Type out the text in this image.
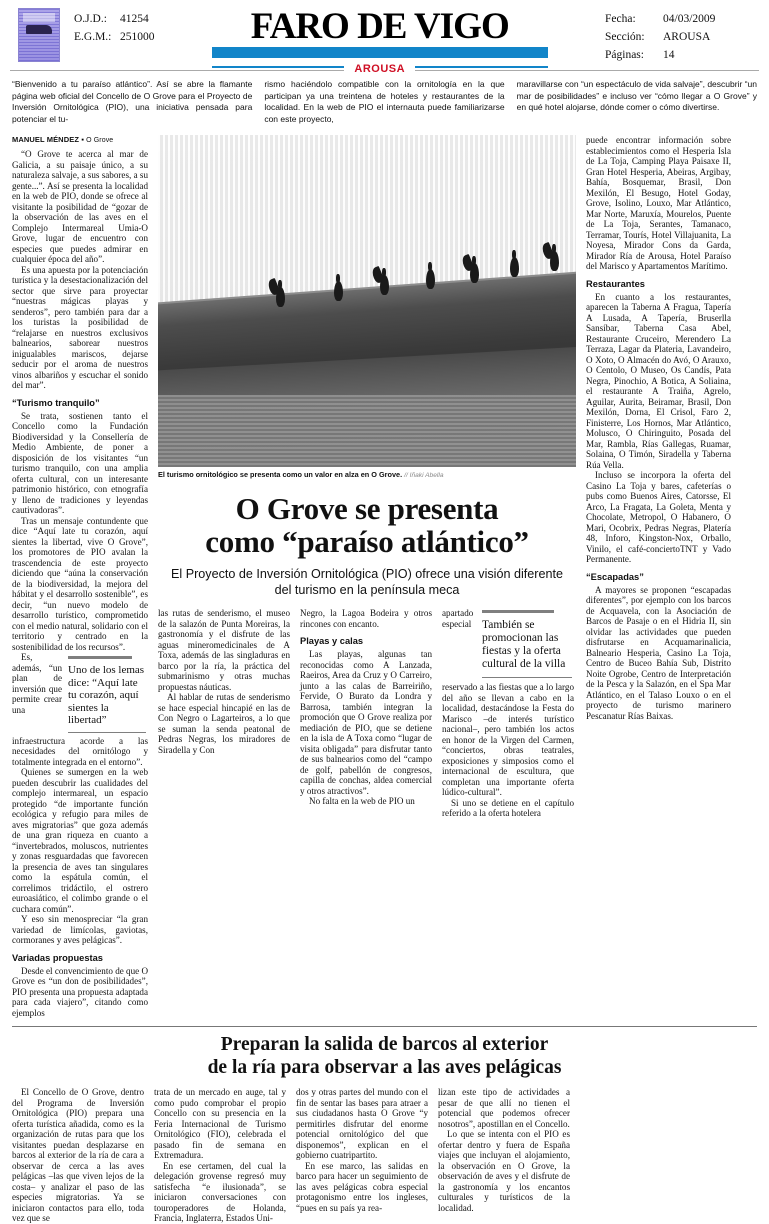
O.J.D.: 41254
E.G.M.: 251000	FARO DE VIGO
AROUSA
Fecha: 04/03/2009
Sección: AROUSA
Páginas: 14

“Bienvenido a tu paraíso atlántico”. Así se abre la flamante página web oficial del Concello de O Grove para el Proyecto de Inversión Ornitológica (PIO), una iniciativa pensada para potenciar el tu-

rismo haciéndolo compatible con la ornitología en la que participan ya una treintena de hoteles y restaurantes de la localidad. En la web de PIO el internauta puede familiarizarse con este proyecto,

maravillarse con “un espectáculo de vida salvaje”, descubrir “un mar de posibilidades” e incluso ver “cómo llegar a O Grove” y en qué hotel alojarse, dónde comer o cómo divertirse.

MANUEL MÉNDEZ ▪ O Grove

“O Grove te acerca al mar de Galicia, a su paisaje único, a su naturaleza salvaje, a sus sabores, a su gente...”. Así se presenta la localidad en la web de PIO, donde se ofrece al visitante la posibilidad de “gozar de la observación de las aves en el Complejo Intermareal Umia-O Grove, lugar de encuentro con especies que puedes admirar en cualquier época del año”.

Es una apuesta por la potenciación turística y la desestacionalización del sector que sirve para proyectar “nuestras mágicas playas y senderos”, pero también para dar a los turistas la posibilidad de “relajarse en nuestros exclusivos balnearios, saborear nuestros inigualables mariscos, dejarse seducir por el aroma de nuestros vinos albariños y escuchar el sonido del mar”.

“Turismo tranquilo”

Se trata, sostienen tanto el Concello como la Fundación Biodiversidad y la Consellería de Medio Ambiente, de poner a disposición de los visitantes “un turismo tranquilo, con una amplia oferta cultural, con un interesante patrimonio histórico, con etnografía y lleno de tradiciones y leyendas cautivadoras”.

Tras un mensaje contundente que dice “Aquí late tu corazón, aquí sientes la libertad, vive O Grove”, los promotores de PIO avalan la trascendencia de este proyecto diciendo que “aúna la conservación de la biodiversidad, la mejora del hábitat y el desarrollo sostenible”, es decir, “un nuevo modelo de desarrollo turístico, comprometido con el medio natural, solidario con el territorio y centrado en la sostenibilidad de los recursos”.

Uno de los lemas dice: “Aquí late tu corazón, aquí sientes la libertad”

Es, además, “un plan de inversión que permite crear una infraestructura acorde a las necesidades del ornitólogo y totalmente integrada en el entorno”.

Quienes se sumergen en la web pueden descubrir las cualidades del complejo intermareal, un espacio protegido “de importante función ecológica y refugio para miles de aves migratorias” que goza además de una gran riqueza en cuanto a “invertebrados, moluscos, nutrientes y zonas resguardadas que favorecen la presencia de aves tan singulares como la espátula común, el correlimos tridáctilo, el ostrero euroasiático, el colimbo grande o el cuchara común”.

Y eso sin menospreciar “la gran variedad de limícolas, gaviotas, cormoranes y aves pelágicas”.

Variadas propuestas

Desde el convencimiento de que O Grove es “un don de posibilidades”, PIO presenta una propuesta adaptada para cada viajero”, citando como ejemplos

El turismo ornitológico se presenta como un valor en alza en O Grove. // Iñaki Abella
O Grove se presenta
como “paraíso atlántico”
El Proyecto de Inversión Ornitológica (PIO) ofrece una visión diferente del turismo en la península meca

las rutas de senderismo, el museo de la salazón de Punta Moreiras, la gastronomía y el disfrute de las aguas mineromedicinales de A Toxa, además de las singladuras en barco por la ría, la práctica del submarinismo y otras muchas propuestas náuticas.

Al hablar de rutas de senderismo se hace especial hincapié en las de Con Negro o Lagarteiros, a lo que se suman la senda peatonal de Pedras Negras, los miradores de Siradella y Con

Negro, la Lagoa Bodeira y otros rincones con encanto.

Playas y calas

Las playas, algunas tan reconocidas como A Lanzada, Raeiros, Area da Cruz y O Carreiro, junto a las calas de Barreiriño, Fervide, O Burato da Londra y Barrosa, también integran la promoción que O Grove realiza por mediación de PIO, que se detiene en la isla de A Toxa como “lugar de visita obligada” para disfrutar tanto de sus balnearios como del “campo de golf, pabellón de congresos, capilla de conchas, aldea comercial y otros atractivos”.

No falta en la web de PIO un

También se promocionan las fiestas y la oferta cultural de la villa

apartado especial reservado a las fiestas que a lo largo del año se llevan a cabo en la localidad, destacándose la Festa do Marisco –de interés turístico nacional–, pero también los actos en honor de la Virgen del Carmen, “conciertos, obras teatrales, exposiciones y simposios como el internacional de escultura, que completan una importante oferta lúdico-cultural”.

Si uno se detiene en el capítulo referido a la oferta hotelera

puede encontrar información sobre establecimientos como el Hesperia Isla de La Toja, Camping Playa Paisaxe II, Gran Hotel Hesperia, Abeiras, Argibay, Bahía, Bosquemar, Brasil, Don Mexilón, El Besugo, Hotel Goday, Grove, Isolino, Louxo, Mar Atlántico, Mar Norte, Maruxía, Mourelos, Puente de La Toja, Serantes, Tamanaco, Terramar, Tourís, Hotel Villajuanita, La Noyesa, Mirador Cons da Garda, Mirador Ría de Arousa, Hotel Paraíso del Marisco y Apartamentos Marítimo.

Restaurantes

En cuanto a los restaurantes, aparecen la Taberna A Fragua, Tapería A Lusada, A Tapería, Bruserlla Sansíbar, Taberna Casa Abel, Restaurante Cruceiro, Merendero La Terraza, Lagar da Plateria, Lavandeiro, O Xoto, O Almacén do Avó, O Arauxo, O Centolo, O Museo, Os Candís, Pata Negra, Pinochio, A Botica, A Soliaina, el restaurante A Traiña, Agrelo, Aguilar, Aurita, Beiramar, Brasil, Don Mexilón, Dorna, El Crisol, Faro 2, Finisterre, Los Hornos, Mar Atlántico, Molusco, O Chiringuito, Posada del Mar, Rambla, Rías Gallegas, Ruamar, Solaina, O Timón, Siradella y Taberna Rúa Vella.

Incluso se incorpora la oferta del Casino La Toja y bares, cafeterías o pubs como Buenos Aires, Catorsse, El Arco, La Fragata, La Goleta, Menta y Chocolate, Metropol, O Habanero, O Mari, Ocobrix, Pedras Negras, Platería 48, Inforo, Kingston-Nox, Orballo, Vinilo, el café-conciertoTNT y Vado Permanente.

“Escapadas”

A mayores se proponen “escapadas diferentes”, por ejemplo con los barcos de Acquavela, con la Asociación de Barcos de Pasaje o en el Hidria II, sin olvidar las actividades que pueden disfrutarse en Acquamarinalicia, Balneario Hesperia, Casino La Toja, Centro de Buceo Bahía Sub, Distrito Noite Ogrobe, Centro de Interpretación de la Pesca y la Salazón, en el Spa Mar Atlántico, en el Talaso Louxo o en el proyecto de turismo marinero Pescanatur Rías Baixas.

Preparan la salida de barcos al exterior
de la ría para observar a las aves pelágicas

El Concello de O Grove, dentro del Programa de Inversión Ornitológica (PIO) prepara una oferta turística añadida, como es la organización de rutas para que los visitantes puedan desplazarse en barcos al exterior de la ría de cara a observar de cerca a las aves pelágicas –las que viven lejos de la costa– y analizar el paso de las especies migratorias. Ya se iniciaron contactos para ello, toda vez que se

trata de un mercado en auge, tal y como pudo comprobar el propio Concello con su presencia en la Feria Internacional de Turismo Ornitológico (FIO), celebrada el pasado fin de semana en Extremadura.

En ese certamen, del cual la delegación grovense regresó muy satisfecha “e ilusionada”, se iniciaron conversaciones con touroperadores de Holanda, Francia, Inglaterra, Estados Uni-

dos y otras partes del mundo con el fin de sentar las bases para atraer a sus ciudadanos hasta O Grove “y permitirles disfrutar del enorme potencial ornitológico del que disponemos”, explican en el gobierno cuatripartito.

En ese marco, las salidas en barco para hacer un seguimiento de las aves pelágicas cobra especial protagonismo entre los ingleses, “pues en su país ya rea-

lizan este tipo de actividades a pesar de que allí no tienen el potencial que podemos ofrecer nosotros”, apostillan en el Concello.

Lo que se intenta con el PIO es ofertar dentro y fuera de España viajes que incluyan el alojamiento, la observación en O Grove, la observación de aves y el disfrute de la gastronomía y los encantos culturales y turísticos de la localidad.
